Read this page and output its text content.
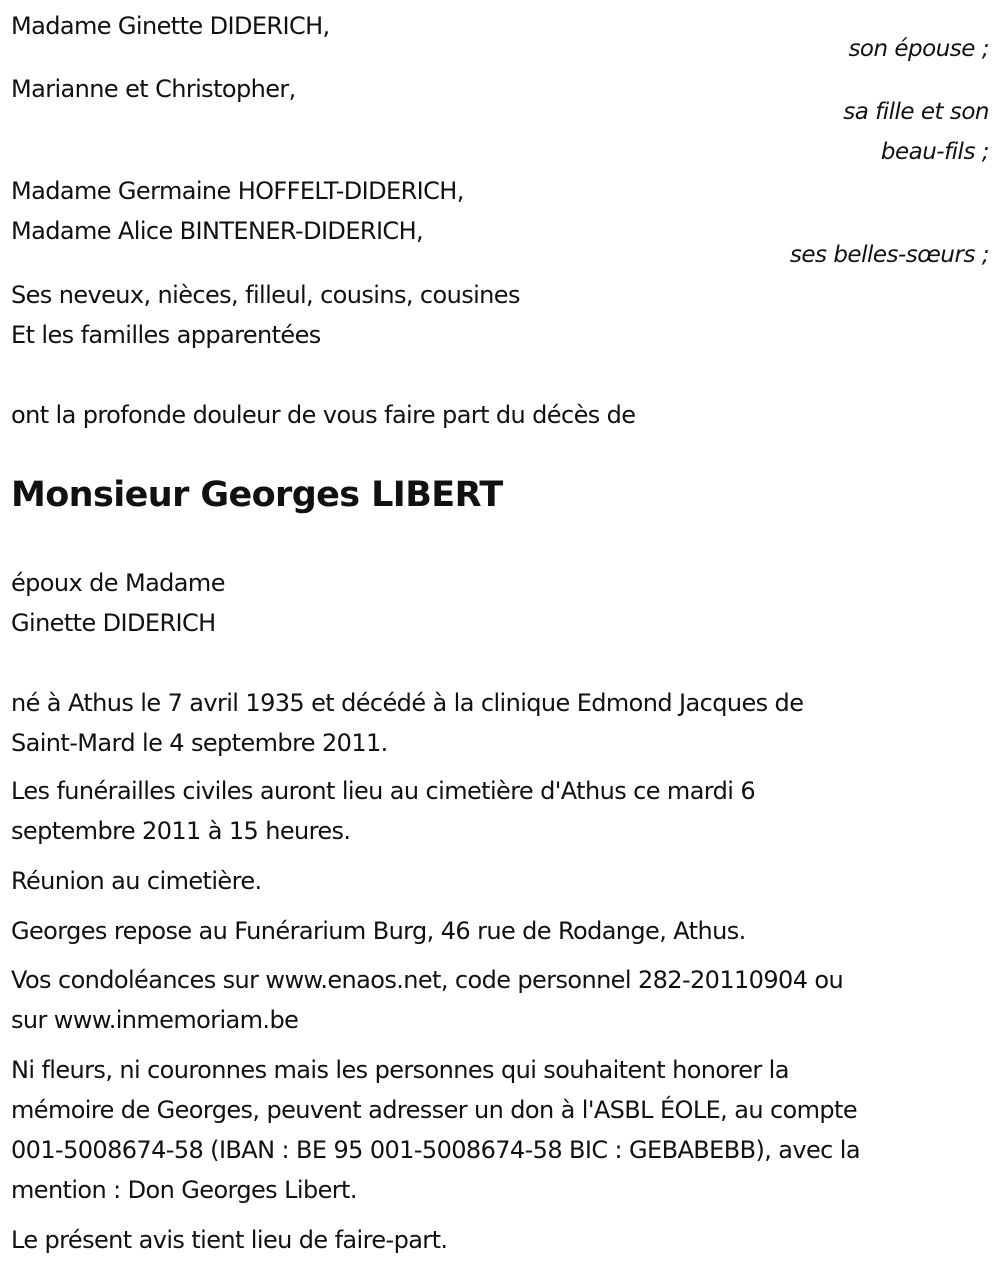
Madame Ginette DIDERICH,
son épouse ;
Marianne et Christopher,
sa fille et son
beau-fils ;
Madame Germaine HOFFELT-DIDERICH,
Madame Alice BINTENER-DIDERICH,
ses belles-sœurs ;
Ses neveux, nièces, filleul, cousins, cousines
Et les familles apparentées
ont la profonde douleur de vous faire part du décès de
Monsieur Georges LIBERT
époux de Madame
Ginette DIDERICH
né à Athus le 7 avril 1935 et décédé à la clinique Edmond Jacques de
Saint-Mard le 4 septembre 2011.
Les funérailles civiles auront lieu au cimetière d'Athus ce mardi 6
septembre 2011 à 15 heures.
Réunion au cimetière.
Georges repose au Funérarium Burg, 46 rue de Rodange, Athus.
Vos condoléances sur www.enaos.net, code personnel 282-20110904 ou
sur www.inmemoriam.be
Ni fleurs, ni couronnes mais les personnes qui souhaitent honorer la
mémoire de Georges, peuvent adresser un don à l'ASBL ÉOLE, au compte
001-5008674-58 (IBAN : BE 95 001-5008674-58 BIC : GEBABEBB), avec la
mention : Don Georges Libert.
Le présent avis tient lieu de faire-part.
